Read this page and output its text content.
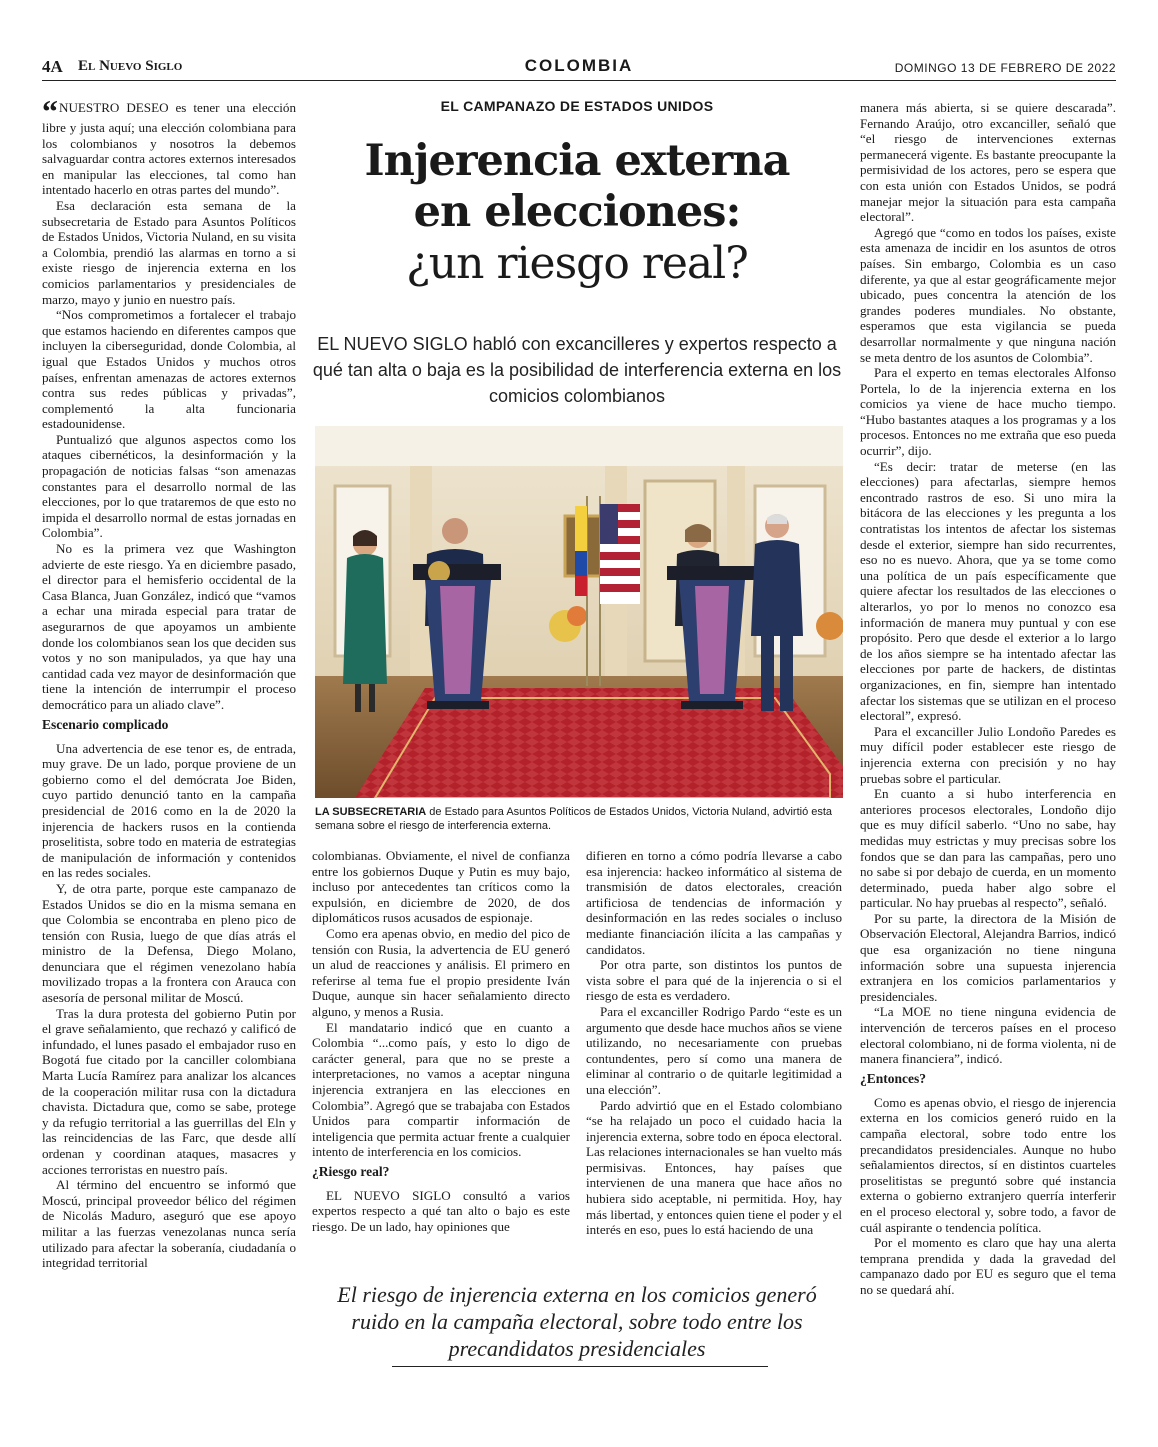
4A El Nuevo Siglo	COLOMBIA	DOMINGO 13 DE FEBRERO DE 2022

“NUESTRO DESEO es tener una elección libre y justa aquí; una elección colombiana para los colombianos y nosotros la debemos salvaguardar contra actores externos interesados en manipular las elecciones, tal como han intentado hacerlo en otras partes del mundo”.

Esa declaración esta semana de la subsecretaria de Estado para Asuntos Políticos de Estados Unidos, Victoria Nuland, en su visita a Colombia, prendió las alarmas en torno a si existe riesgo de injerencia externa en los comicios parlamentarios y presidenciales de marzo, mayo y junio en nuestro país.

“Nos comprometimos a fortalecer el trabajo que estamos haciendo en diferentes campos que incluyen la ciberseguridad, donde Colombia, al igual que Estados Unidos y muchos otros países, enfrentan amenazas de actores externos contra sus redes públicas y privadas”, complementó la alta funcionaria estadounidense.

Puntualizó que algunos aspectos como los ataques cibernéticos, la desinformación y la propagación de noticias falsas “son amenazas constantes para el desarrollo normal de las elecciones, por lo que trataremos de que esto no impida el desarrollo normal de estas jornadas en Colombia”.

No es la primera vez que Washington advierte de este riesgo. Ya en diciembre pasado, el director para el hemisferio occidental de la Casa Blanca, Juan González, indicó que “vamos a echar una mirada especial para tratar de asegurarnos de que apoyamos un ambiente donde los colombianos sean los que deciden sus votos y no son manipulados, ya que hay una cantidad cada vez mayor de desinformación que tiene la intención de interrumpir el proceso democrático para un aliado clave”.

Escenario complicado

Una advertencia de ese tenor es, de entrada, muy grave. De un lado, porque proviene de un gobierno como el del demócrata Joe Biden, cuyo partido denunció tanto en la campaña presidencial de 2016 como en la de 2020 la injerencia de hackers rusos en la contienda proselitista, sobre todo en materia de estrategias de manipulación de información y contenidos en las redes sociales.

Y, de otra parte, porque este campanazo de Estados Unidos se dio en la misma semana en que Colombia se encontraba en pleno pico de tensión con Rusia, luego de que días atrás el ministro de la Defensa, Diego Molano, denunciara que el régimen venezolano había movilizado tropas a la frontera con Arauca con asesoría de personal militar de Moscú.

Tras la dura protesta del gobierno Putin por el grave señalamiento, que rechazó y calificó de infundado, el lunes pasado el embajador ruso en Bogotá fue citado por la canciller colombiana Marta Lucía Ramírez para analizar los alcances de la cooperación militar rusa con la dictadura chavista. Dictadura que, como se sabe, protege y da refugio territorial a las guerrillas del Eln y las reincidencias de las Farc, que desde allí ordenan y coordinan ataques, masacres y acciones terroristas en nuestro país.

Al término del encuentro se informó que Moscú, principal proveedor bélico del régimen de Nicolás Maduro, aseguró que ese apoyo militar a las fuerzas venezolanas nunca sería utilizado para afectar la soberanía, ciudadanía o integridad territorial

EL CAMPANAZO DE ESTADOS UNIDOS
Injerencia externa
en elecciones:
¿un riesgo real?
EL NUEVO SIGLO habló con excancilleres y expertos respecto a qué tan alta o baja es la posibilidad de interferencia externa en los comicios colombianos
LA SUBSECRETARIA de Estado para Asuntos Políticos de Estados Unidos, Victoria Nuland, advirtió esta semana sobre el riesgo de interferencia externa.

colombianas. Obviamente, el nivel de confianza entre los gobiernos Duque y Putin es muy bajo, incluso por antecedentes tan críticos como la expulsión, en diciembre de 2020, de dos diplomáticos rusos acusados de espionaje.

Como era apenas obvio, en medio del pico de tensión con Rusia, la advertencia de EU generó un alud de reacciones y análisis. El primero en referirse al tema fue el propio presidente Iván Duque, aunque sin hacer señalamiento directo alguno, y menos a Rusia.

El mandatario indicó que en cuanto a Colombia “...como país, y esto lo digo de carácter general, para que no se preste a interpretaciones, no vamos a aceptar ninguna injerencia extranjera en las elecciones en Colombia”. Agregó que se trabajaba con Estados Unidos para compartir información de inteligencia que permita actuar frente a cualquier intento de interferencia en los comicios.

¿Riesgo real?

EL NUEVO SIGLO consultó a varios expertos respecto a qué tan alto o bajo es este riesgo. De un lado, hay opiniones que

difieren en torno a cómo podría llevarse a cabo esa injerencia: hackeo informático al sistema de transmisión de datos electorales, creación artificiosa de tendencias de información y desinformación en las redes sociales o incluso mediante financiación ilícita a las campañas y candidatos.

Por otra parte, son distintos los puntos de vista sobre el para qué de la injerencia o si el riesgo de esta es verdadero.

Para el excanciller Rodrigo Pardo “este es un argumento que desde hace muchos años se viene utilizando, no necesariamente con pruebas contundentes, pero sí como una manera de eliminar al contrario o de quitarle legitimidad a una elección”.

Pardo advirtió que en el Estado colombiano “se ha relajado un poco el cuidado hacia la injerencia externa, sobre todo en época electoral. Las relaciones internacionales se han vuelto más permisivas. Entonces, hay países que intervienen de una manera que hace años no hubiera sido aceptable, ni permitida. Hoy, hay más libertad, y entonces quien tiene el poder y el interés en eso, pues lo está haciendo de una

El riesgo de injerencia externa en los comicios generó ruido en la campaña electoral, sobre todo entre los precandidatos presidenciales

manera más abierta, si se quiere descarada”. Fernando Araújo, otro excanciller, señaló que “el riesgo de intervenciones externas permanecerá vigente. Es bastante preocupante la permisividad de los actores, pero se espera que con esta unión con Estados Unidos, se podrá manejar mejor la situación para esta campaña electoral”.

Agregó que “como en todos los países, existe esta amenaza de incidir en los asuntos de otros países. Sin embargo, Colombia es un caso diferente, ya que al estar geográficamente mejor ubicado, pues concentra la atención de los grandes poderes mundiales. No obstante, esperamos que esta vigilancia se pueda desarrollar normalmente y que ninguna nación se meta dentro de los asuntos de Colombia”.

Para el experto en temas electorales Alfonso Portela, lo de la injerencia externa en los comicios ya viene de hace mucho tiempo. “Hubo bastantes ataques a los programas y a los procesos. Entonces no me extraña que eso pueda ocurrir”, dijo.

“Es decir: tratar de meterse (en las elecciones) para afectarlas, siempre hemos encontrado rastros de eso. Si uno mira la bitácora de las elecciones y les pregunta a los contratistas los intentos de afectar los sistemas desde el exterior, siempre han sido recurrentes, eso no es nuevo. Ahora, que ya se tome como una política de un país específicamente que quiere afectar los resultados de las elecciones o alterarlos, yo por lo menos no conozco esa información de manera muy puntual y con ese propósito. Pero que desde el exterior a lo largo de los años siempre se ha intentado afectar las elecciones por parte de hackers, de distintas organizaciones, en fin, siempre han intentado afectar los sistemas que se utilizan en el proceso electoral”, expresó.

Para el excanciller Julio Londoño Paredes es muy difícil poder establecer este riesgo de injerencia externa con precisión y no hay pruebas sobre el particular.

En cuanto a si hubo interferencia en anteriores procesos electorales, Londoño dijo que es muy difícil saberlo. “Uno no sabe, hay medidas muy estrictas y muy precisas sobre los fondos que se dan para las campañas, pero uno no sabe si por debajo de cuerda, en un momento determinado, pueda haber algo sobre el particular. No hay pruebas al respecto”, señaló.

Por su parte, la directora de la Misión de Observación Electoral, Alejandra Barrios, indicó que esa organización no tiene ninguna información sobre una supuesta injerencia extranjera en los comicios parlamentarios y presidenciales.

“La MOE no tiene ninguna evidencia de intervención de terceros países en el proceso electoral colombiano, ni de forma violenta, ni de manera financiera”, indicó.

¿Entonces?

Como es apenas obvio, el riesgo de injerencia externa en los comicios generó ruido en la campaña electoral, sobre todo entre los precandidatos presidenciales. Aunque no hubo señalamientos directos, sí en distintos cuarteles proselitistas se preguntó sobre qué instancia externa o gobierno extranjero querría interferir en el proceso electoral y, sobre todo, a favor de cuál aspirante o tendencia política.

Por el momento es claro que hay una alerta temprana prendida y dada la gravedad del campanazo dado por EU es seguro que el tema no se quedará ahí.
